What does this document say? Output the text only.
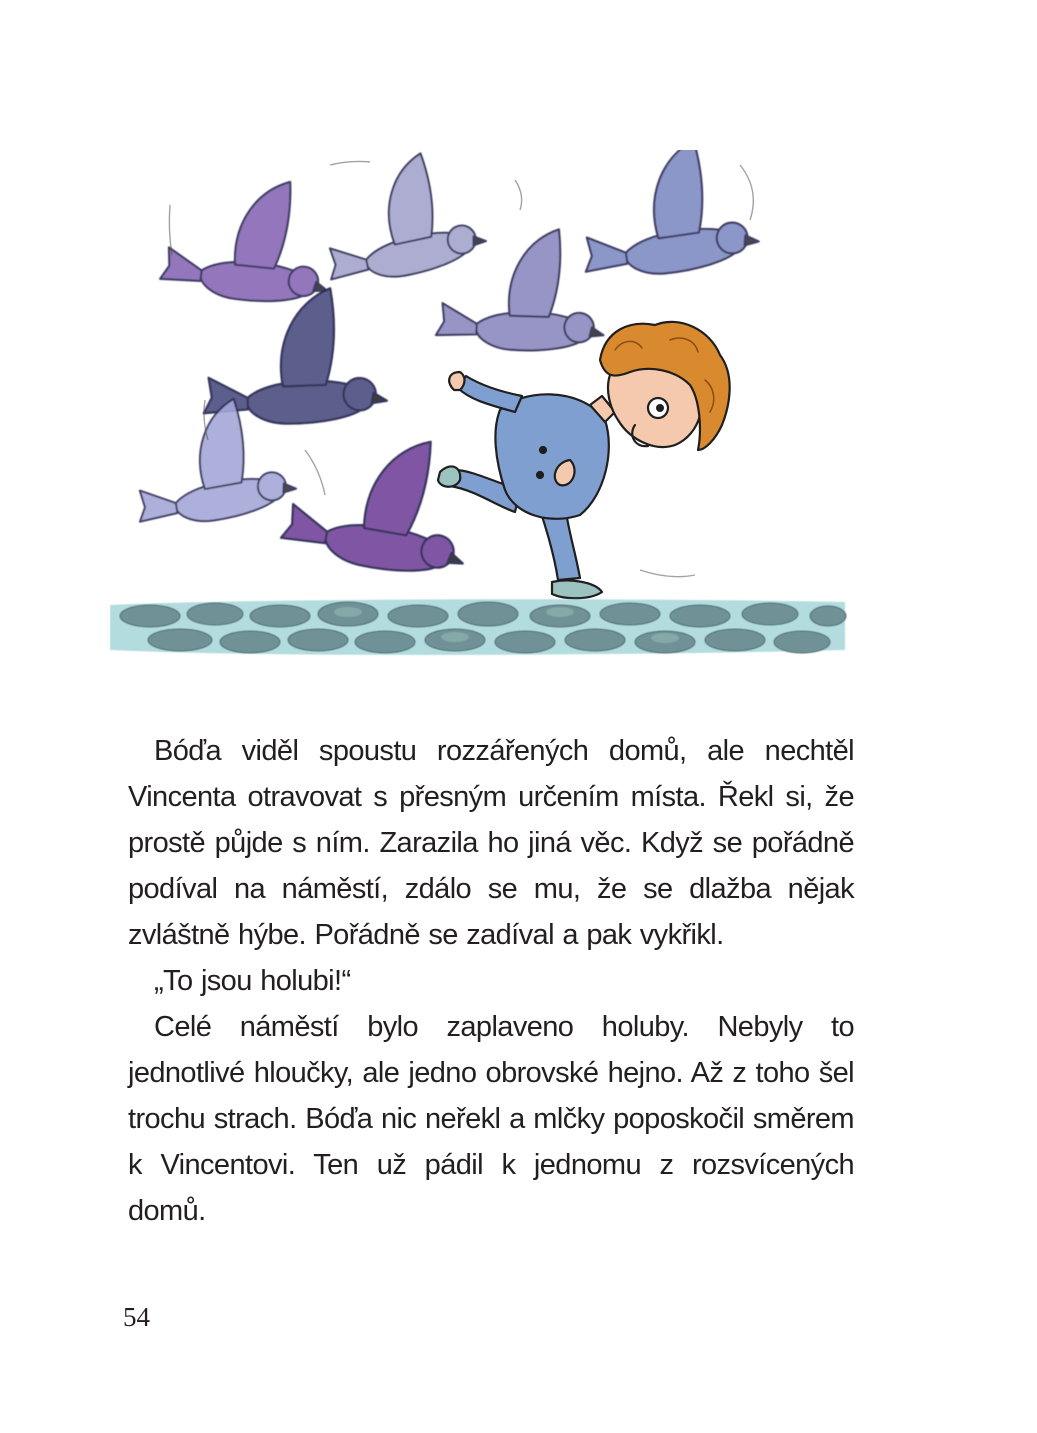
Bóďa viděl spoustu rozzářených domů, ale nechtěl Vincenta otravovat s přesným určením místa. Řekl si, že prostě půjde s ním. Zarazila ho jiná věc. Když se pořádně podíval na náměstí, zdálo se mu, že se dlažba nějak zvláštně hýbe. Pořádně se zadíval a pak vykřikl.

„To jsou holubi!“

Celé náměstí bylo zaplaveno holuby. Nebyly to jednotlivé hloučky, ale jedno obrovské hejno. Až z toho šel trochu strach. Bóďa nic neřekl a mlčky poposkočil směrem k Vincentovi. Ten už pádil k jednomu z rozsvícených domů.

54
